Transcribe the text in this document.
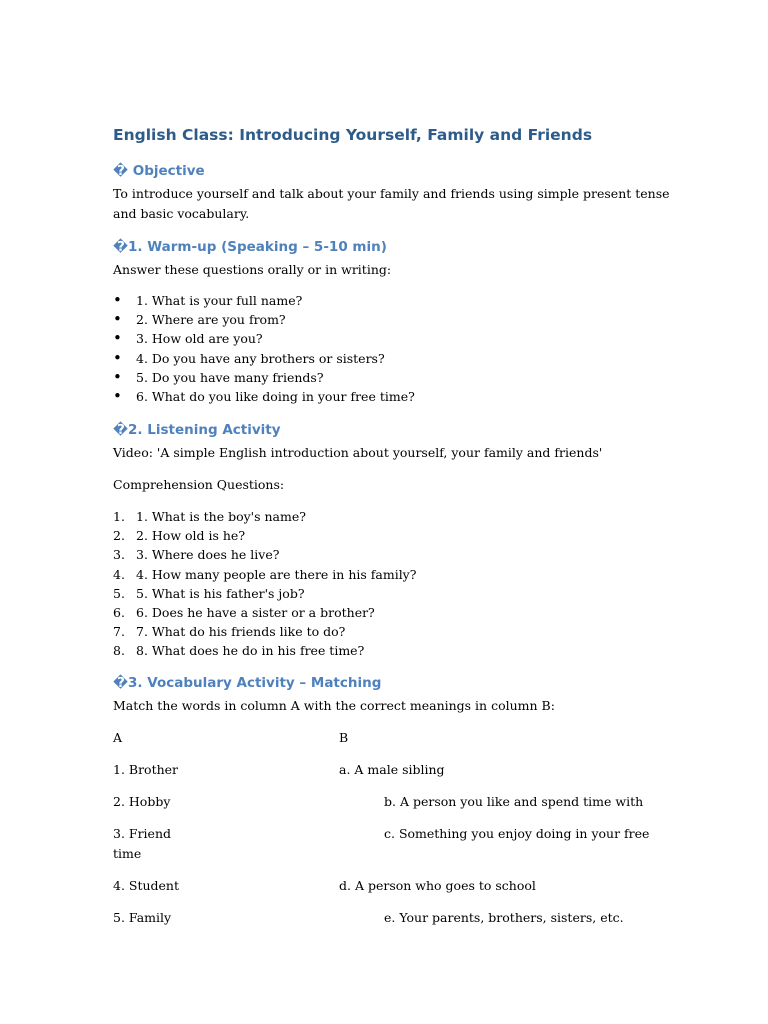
English Class: Introducing Yourself, Family and Friends
� Objective

To introduce yourself and talk about your family and friends using simple present tense and basic vocabulary.

�1. Warm-up (Speaking – 5-10 min)

Answer these questions orally or in writing:

• 1. What is your full name?
• 2. Where are you from?
• 3. How old are you?
• 4. Do you have any brothers or sisters?
• 5. Do you have many friends?
• 6. What do you like doing in your free time?
�2. Listening Activity

Video: 'A simple English introduction about yourself, your family and friends'

Comprehension Questions:

1. 1. What is the boy's name?
2. 2. How old is he?
3. 3. Where does he live?
4. 4. How many people are there in his family?
5. 5. What is his father's job?
6. 6. Does he have a sister or a brother?
7. 7. What do his friends like to do?
8. 8. What does he do in his free time?
�3. Vocabulary Activity – Matching

Match the words in column A with the correct meanings in column B:

A	B

1. Brother	a. A male sibling

2. Hobby	b. A person you like and spend time with

3. Friend	c. Something you enjoy doing in your free

time

4. Student	d. A person who goes to school

5. Family	e. Your parents, brothers, sisters, etc.
